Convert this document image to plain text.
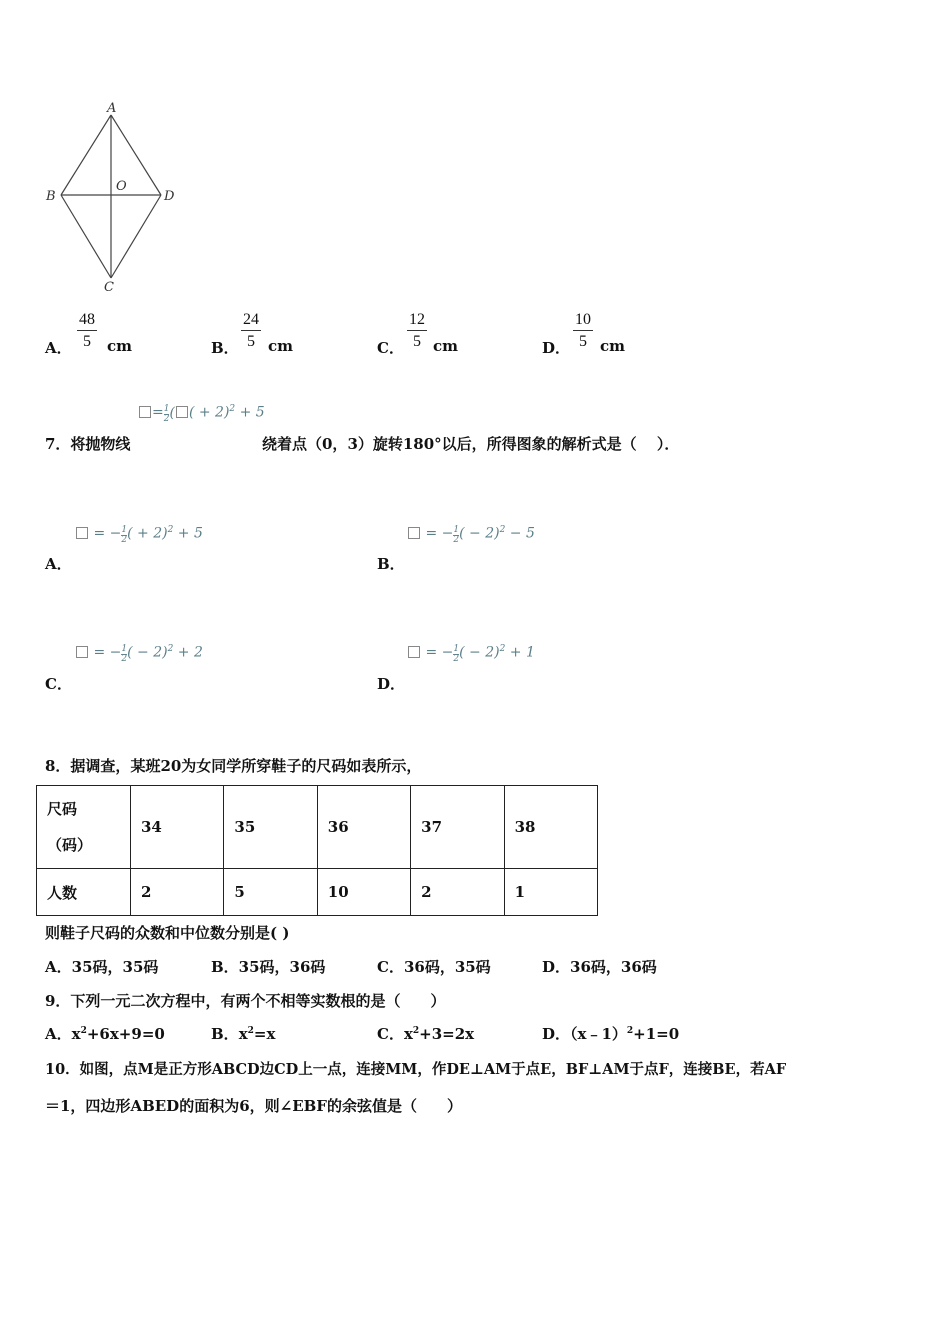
A
B
O
D
C
A．
48
5	cm	B．
24
5 cm	C．
12
5 cm	D．
10
5 cm
= $\frac{1}{2}$ ( ( + 2)$^2$ + 5
7．将抛物线	绕着点（0，3）旋转180°以后，所得图象的解析式是（　 ）．
= − $\frac{1}{2}$ ( + 2)$^2$ + 5
A．
= − $\frac{1}{2}$ ( − 2)$^2$ − 5
B．
= − $\frac{1}{2}$ ( − 2)$^2$ + 2
C．
= − $\frac{1}{2}$ ( − 2)$^2$ + 1
D．
8．据调查，某班20为女同学所穿鞋子的尺码如表所示，
尺码
（码）	34	35	36	37	38
人数	2	5	10	2	1
则鞋子尺码的众数和中位数分别是( )
A．35码，35码	B．35码，36码	C．36码，35码	D．36码，36码
9．下列一元二次方程中，有两个不相等实数根的是（　　）
A．$x^2+6x+9=0$	B．$x^2=x$	C．$x^2+3=2x$	D．（x﹣1）$^2$+1=0
10．如图，点M是正方形ABCD边CD上一点，连接MM，作DE⊥AM于点E，BF⊥AM于点F，连接BE，若AF
＝1，四边形ABED的面积为6，则∠EBF的余弦值是（　　）
